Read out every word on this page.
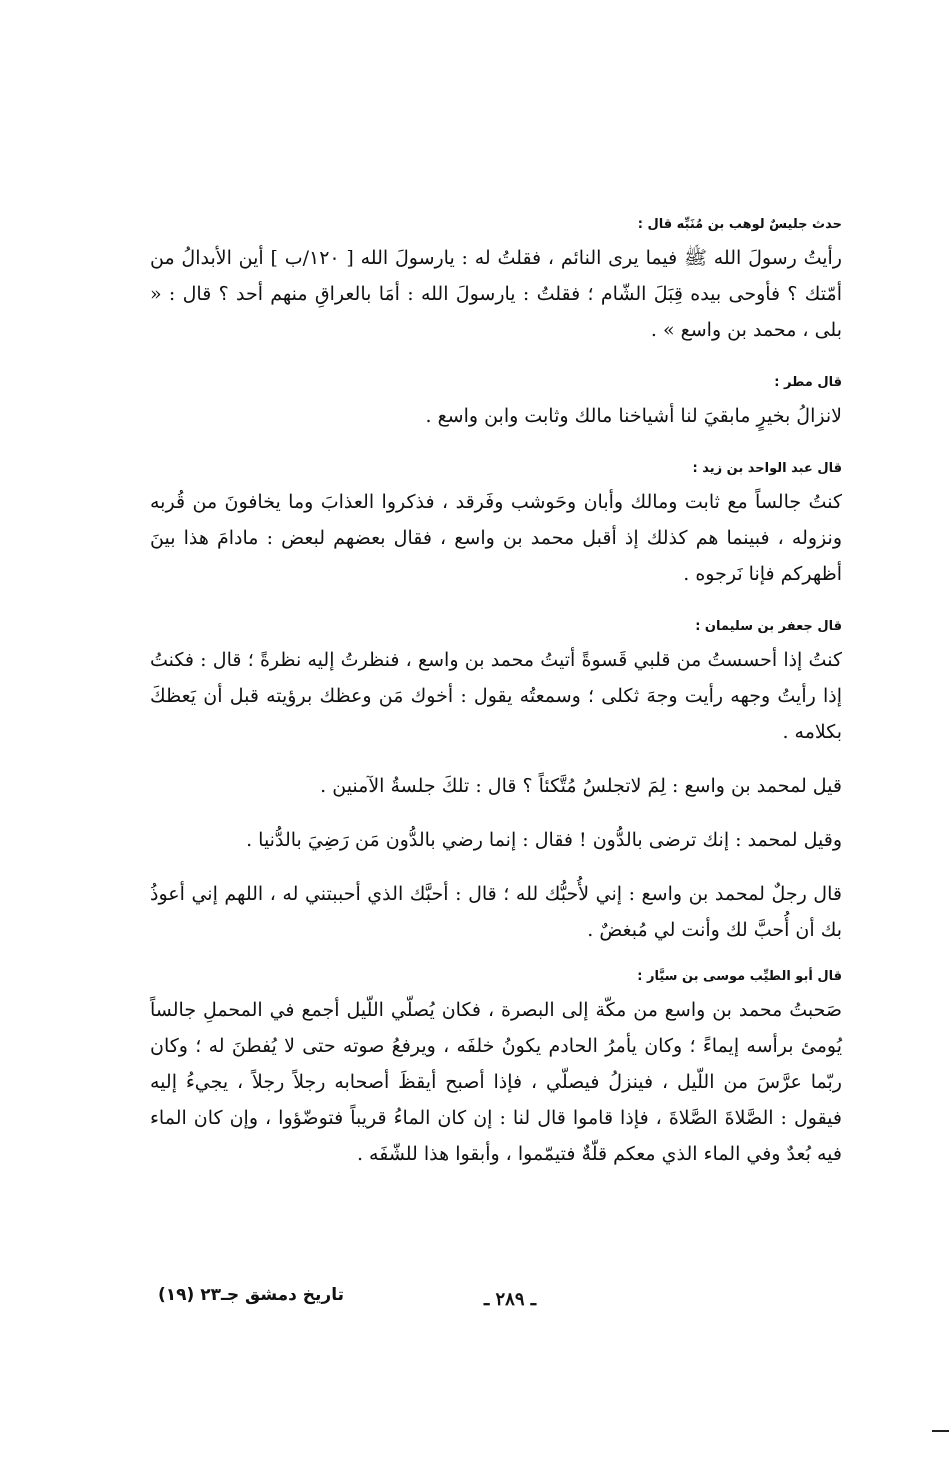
حدث جليسٌ لوهب بن مُنَبِّه قال :

رأيتُ رسولَ الله ﷺ فيما يرى النائم ، فقلتُ له : يارسولَ الله [ ١٢٠/ب ] أين الأبدالُ من أمّتك ؟ فأوحى بيده قِبَلَ الشّام ؛ فقلتُ : يارسولَ الله : أمَا بالعراقِ منهم أحد ؟ قال : « بلى ، محمد بن واسع » .

قال مطر :

لانزالُ بخيرٍ مابقيَ لنا أشياخنا مالك وثابت وابن واسع .

قال عبد الواحد بن زيد :

كنتُ جالساً مع ثابت ومالك وأبان وحَوشب وفَرقد ، فذكروا العذابَ وما يخافونَ من قُربه ونزوله ، فبينما هم كذلك إذ أقبل محمد بن واسع ، فقال بعضهم لبعض : مادامَ هذا بينَ أظهركم فإنا نَرجوه .

قال جعفر بن سليمان :

كنتُ إذا أحسستُ من قلبي قَسوةً أتيتُ محمد بن واسع ، فنظرتُ إليه نظرةً ؛ قال : فكنتُ إذا رأيتُ وجهه رأيت وجهَ ثكلى ؛ وسمعتُه يقول : أخوك مَن وعظك برؤيته قبل أن يَعظكَ بكلامه .

قيل لمحمد بن واسع : لِمَ لاتجلسُ مُتَّكئاً ؟ قال : تلكَ جلسةُ الآمنين .

وقيل لمحمد : إنك ترضى بالدُّون ! فقال : إنما رضي بالدُّون مَن رَضِيَ بالدُّنيا .

قال رجلٌ لمحمد بن واسع : إني لأُحبُّك لله ؛ قال : أحبَّك الذي أحببتني له ، اللهم إني أعوذُ بك أن أُحبَّ لك وأنت لي مُبغضٌ .

قال أبو الطيِّب موسى بن سيَّار :

صَحبتُ محمد بن واسع من مكّة إلى البصرة ، فكان يُصلّي اللّيل أجمع في المحملِ جالساً يُومئ برأسه إيماءً ؛ وكان يأمرُ الحادم يكونُ خلفَه ، ويرفعُ صوته حتى لا يُفطنَ له ؛ وكان ربّما عرَّسَ من اللّيل ، فينزلُ فيصلّي ، فإذا أصبح أيقظَ أصحابه رجلاً رجلاً ، يجيءُ إليه فيقول : الصَّلاةَ الصَّلاةَ ، فإذا قاموا قال لنا : إن كان الماءُ قريباً فتوضّؤوا ، وإن كان الماء فيه بُعدٌ وفي الماء الذي معكم قلّةٌ فتيمّموا ، وأبقوا هذا للشّفَه .

ـ ٢٨٩ ـ
تاريخ دمشق جـ٢٣ (١٩)
